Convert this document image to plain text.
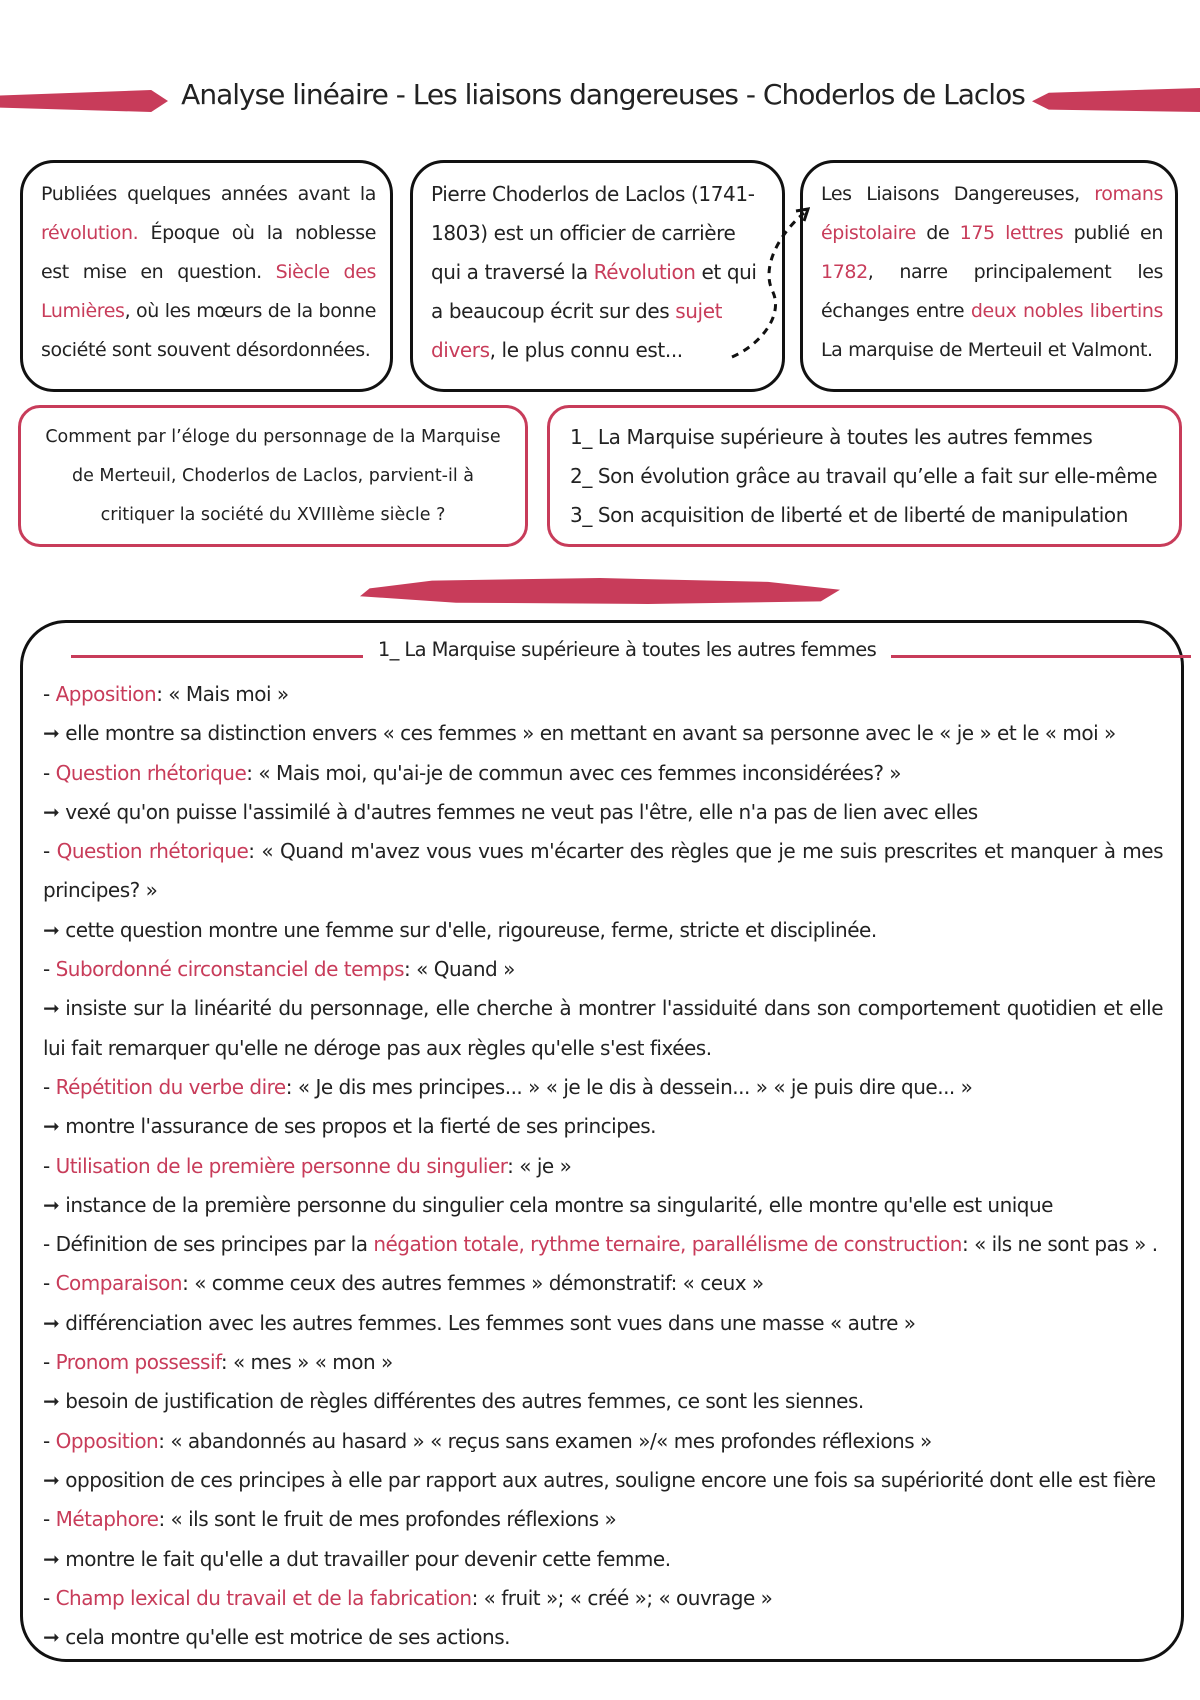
Analyse linéaire - Les liaisons dangereuses - Choderlos de Laclos
Publiées quelques années avant la révolution. Époque où la noblesse est mise en question. Siècle des Lumières, où les mœurs de la bonne société sont souvent désordonnées.
Pierre Choderlos de Laclos (1741-1803) est un officier de carrière qui a traversé la Révolution et qui a beaucoup écrit sur des sujet divers, le plus connu est...
Les Liaisons Dangereuses, romans épistolaire de 175 lettres publié en 1782, narre principalement les échanges entre deux nobles libertins La marquise de Merteuil et Valmont.
Comment par l’éloge du personnage de la Marquise de Merteuil, Choderlos de Laclos, parvient-il à critiquer la société du XVIIIème siècle ?
1_ La Marquise supérieure à toutes les autres femmes
2_ Son évolution grâce au travail qu’elle a fait sur elle-même
3_ Son acquisition de liberté et de liberté de manipulation
1_ La Marquise supérieure à toutes les autres femmes
- Apposition: « Mais moi »
➞ elle montre sa distinction envers « ces femmes » en mettant en avant sa personne avec le « je » et le « moi »
- Question rhétorique: « Mais moi, qu'ai-je de commun avec ces femmes inconsidérées? »
➞ vexé qu'on puisse l'assimilé à d'autres femmes ne veut pas l'être, elle n'a pas de lien avec elles
- Question rhétorique: « Quand m'avez vous vues m'écarter des règles que je me suis prescrites et manquer à mes principes? »
➞ cette question montre une femme sur d'elle, rigoureuse, ferme, stricte et disciplinée.
- Subordonné circonstanciel de temps: « Quand »
➞ insiste sur la linéarité du personnage, elle cherche à montrer l'assiduité dans son comportement quotidien et elle lui fait remarquer qu'elle ne déroge pas aux règles qu'elle s'est fixées.
- Répétition du verbe dire: « Je dis mes principes... » « je le dis à dessein... » « je puis dire que... »
➞ montre l'assurance de ses propos et la fierté de ses principes.
- Utilisation de le première personne du singulier: « je »
➞ instance de la première personne du singulier cela montre sa singularité, elle montre qu'elle est unique
- Définition de ses principes par la négation totale, rythme ternaire, parallélisme de construction: « ils ne sont pas » .
- Comparaison: « comme ceux des autres femmes » démonstratif: « ceux »
➞ différenciation avec les autres femmes. Les femmes sont vues dans une masse « autre »
- Pronom possessif: « mes » « mon »
➞ besoin de justification de règles différentes des autres femmes, ce sont les siennes.
- Opposition: « abandonnés au hasard » « reçus sans examen »/« mes profondes réflexions »
➞ opposition de ces principes à elle par rapport aux autres, souligne encore une fois sa supériorité dont elle est fière
- Métaphore: « ils sont le fruit de mes profondes réflexions »
➞ montre le fait qu'elle a dut travailler pour devenir cette femme.
- Champ lexical du travail et de la fabrication: « fruit »; « créé »; « ouvrage »
➞ cela montre qu'elle est motrice de ses actions.
